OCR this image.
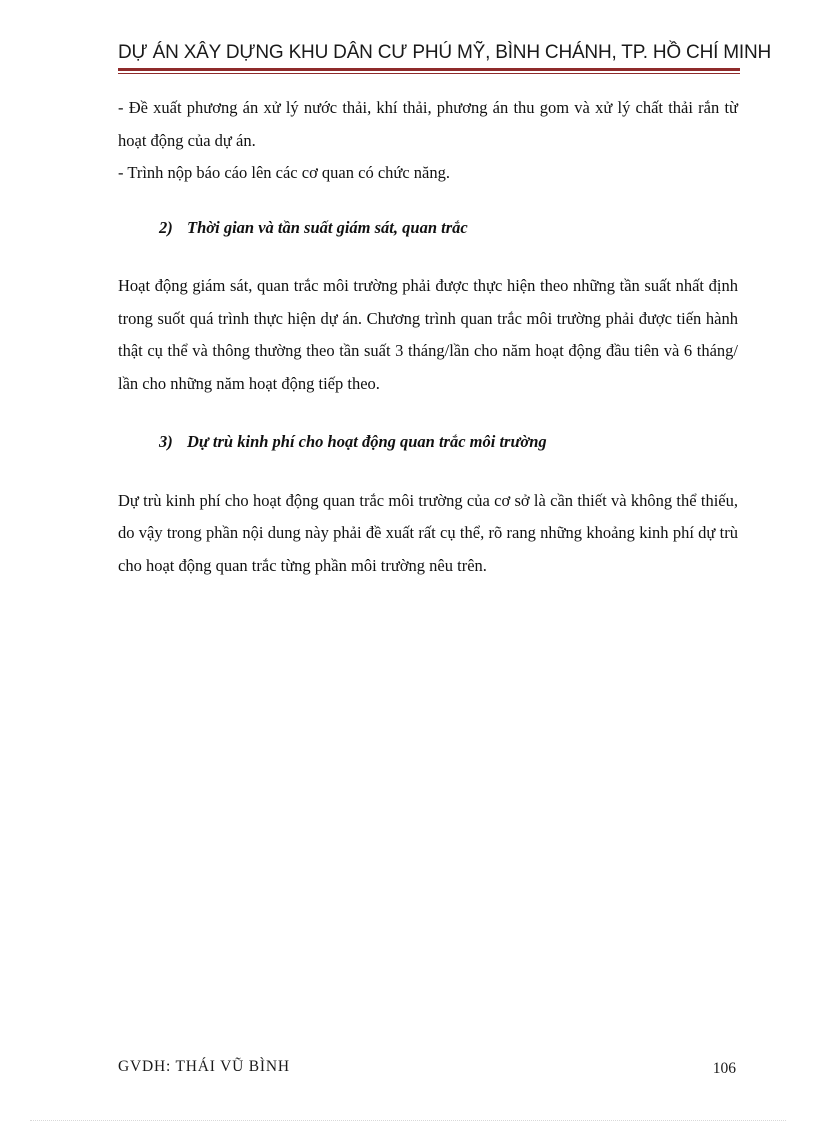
DỰ ÁN XÂY DỰNG KHU DÂN CƯ PHÚ MỸ, BÌNH CHÁNH, TP. HỒ CHÍ MINH

- Đề xuất phương án xử lý nước thải, khí thải, phương án thu gom và xử lý chất thải rắn từ hoạt động của dự án.

- Trình nộp báo cáo lên các cơ quan có chức năng.

2) Thời gian và tần suất giám sát, quan trắc

Hoạt động giám sát, quan trắc môi trường phải được thực hiện theo những tần suất nhất định trong suốt quá trình thực hiện dự án. Chương trình quan trắc môi trường phải được tiến hành thật cụ thể và thông thường theo tần suất 3 tháng/lần cho năm hoạt động đầu tiên và 6 tháng/ lần cho những năm hoạt động tiếp theo.

3) Dự trù kinh phí cho hoạt động quan trắc môi trường

Dự trù kinh phí cho hoạt động quan trắc môi trường của cơ sở là cần thiết và không thể thiếu, do vậy trong phần nội dung này phải đề xuất rất cụ thể, rõ rang những khoảng kinh phí dự trù cho hoạt động quan trắc từng phần môi trường nêu trên.

GVDH: THÁI VŨ BÌNH	106
